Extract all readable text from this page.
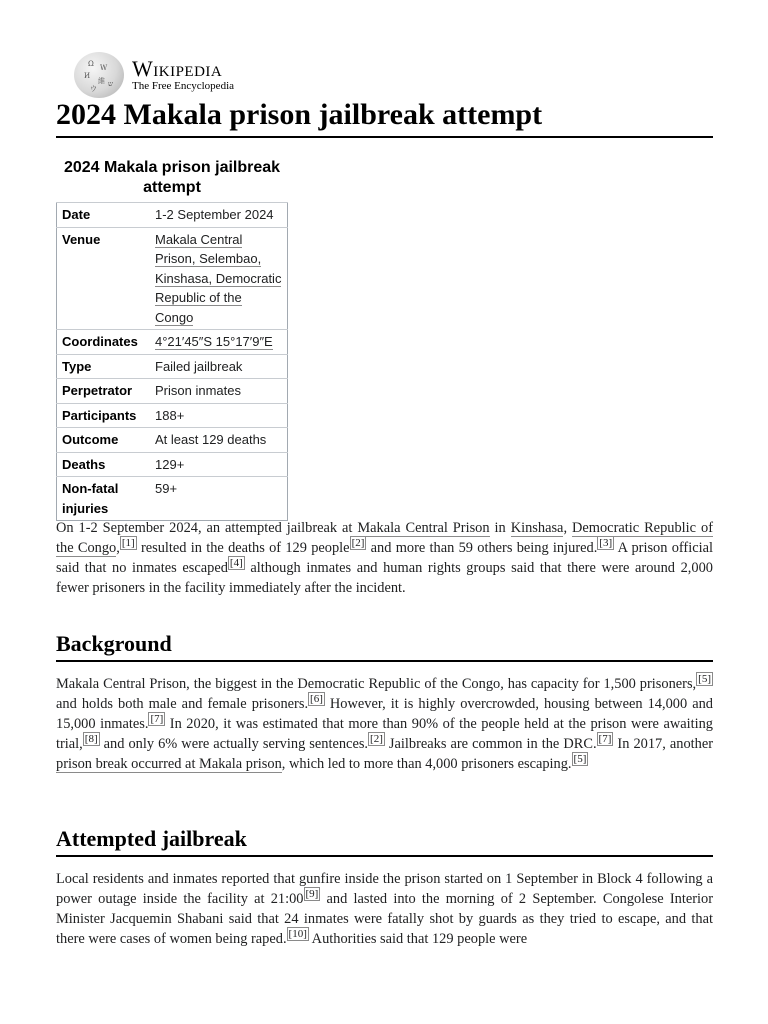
Ω W
И
維
ウ
ש
Wikipedia
The Free Encyclopedia
2024 Makala prison jailbreak attempt
2024 Makala prison jailbreak attempt
Date	1-2 September 2024
Venue	Makala Central Prison, Selembao, Kinshasa, Democratic Republic of the Congo
Coordinates	4°21′45″S 15°17′9″E
Type	Failed jailbreak
Perpetrator	Prison inmates
Participants	188+
Outcome	At least 129 deaths
Deaths	129+
Non-fatal injuries	59+

On 1-2 September 2024, an attempted jailbreak at Makala Central Prison in Kinshasa, Democratic Republic of the Congo, [1] resulted in the deaths of 129 people [2] and more than 59 others being injured. [3] A prison official said that no inmates escaped [4] although inmates and human rights groups said that there were around 2,000 fewer prisoners in the facility immediately after the incident.

Background

Makala Central Prison, the biggest in the Democratic Republic of the Congo, has capacity for 1,500 prisoners, [5] and holds both male and female prisoners. [6] However, it is highly overcrowded, housing between 14,000 and 15,000 inmates. [7] In 2020, it was estimated that more than 90% of the people held at the prison were awaiting trial, [8] and only 6% were actually serving sentences. [2] Jailbreaks are common in the DRC. [7] In 2017, another prison break occurred at Makala prison, which led to more than 4,000 prisoners escaping. [5]

Attempted jailbreak

Local residents and inmates reported that gunfire inside the prison started on 1 September in Block 4 following a power outage inside the facility at 21:00 [9] and lasted into the morning of 2 September. Congolese Interior Minister Jacquemin Shabani said that 24 inmates were fatally shot by guards as they tried to escape, and that there were cases of women being raped. [10] Authorities said that 129 people were
